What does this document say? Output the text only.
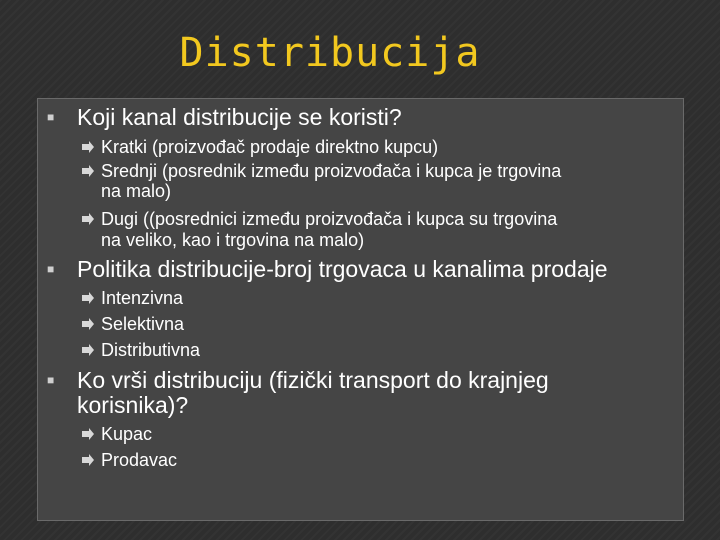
Distribucija
■ Koji kanal distribucije se koristi?
Kratki (proizvođač prodaje direktno kupcu)
Srednji (posrednik između proizvođača i kupca je trgovina
na malo)
Dugi ((posrednici između proizvođača i kupca su trgovina
na veliko, kao i trgovina na malo)
■ Politika distribucije-broj trgovaca u kanalima prodaje
Intenzivna
Selektivna
Distributivna
■ Ko vrši distribuciju (fizički transport do krajnjeg
korisnika)?
Kupac
Prodavac
